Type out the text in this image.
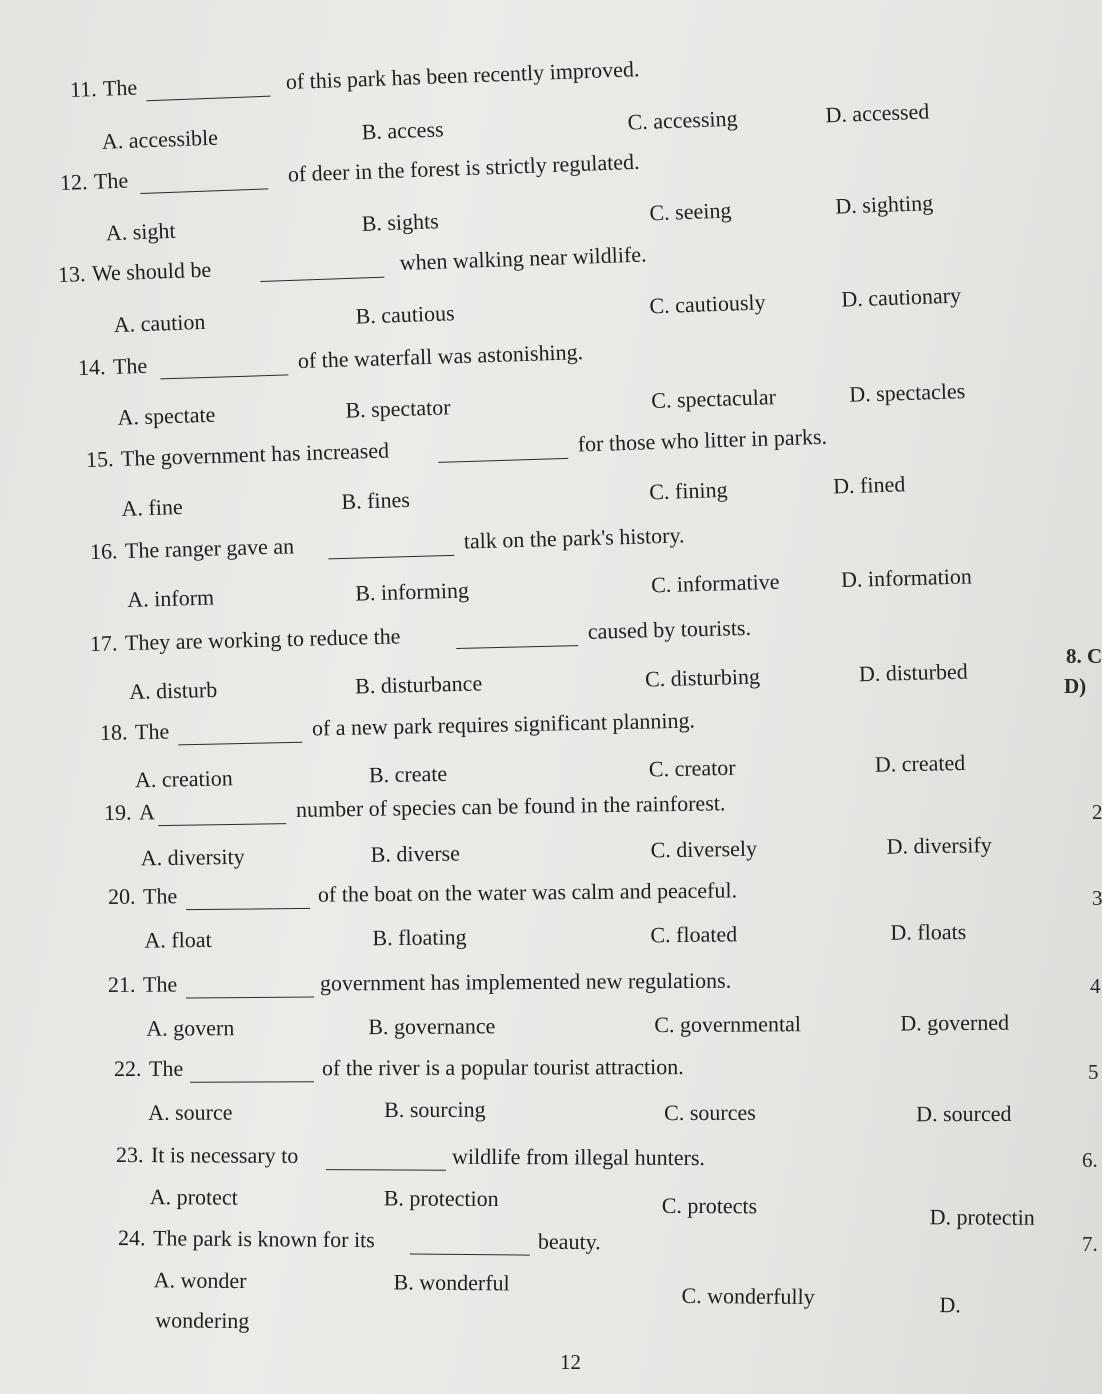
11. The	of this park has been recently improved.
A. accessible	B. access	C. accessing	D. accessed
12. The	of deer in the forest is strictly regulated.
A. sight	B. sights	C. seeing	D. sighting
13. We should be	when walking near wildlife.
A. caution	B. cautious	C. cautiously	D. cautionary
14. The	of the waterfall was astonishing.
A. spectate	B. spectator	C. spectacular	D. spectacles
15. The government has increased	for those who litter in parks.
A. fine	B. fines	C. fining	D. fined
16. The ranger gave an	talk on the park's history.
A. inform	B. informing	C. informative	D. information
17. They are working to reduce the	caused by tourists.
A. disturb	B. disturbance	C. disturbing	D. disturbed
18. The	of a new park requires significant planning.
A. creation	B. create	C. creator	D. created
19. A	number of species can be found in the rainforest.
A. diversity	B. diverse	C. diversely	D. diversify
20. The	of the boat on the water was calm and peaceful.
A. float	B. floating	C. floated	D. floats
21. The	government has implemented new regulations.
A. govern	B. governance	C. governmental	D. governed
22. The	of the river is a popular tourist attraction.
A. source	B. sourcing	C. sources	D. sourced
23. It is necessary to	wildlife from illegal hunters.
A. protect	B. protection	C. protects	D. protectin
24. The park is known for its	beauty.
A. wonder	B. wonderful
C. wonderfully	D.
wondering
8. C
D)
2
3
4
5
6.
7.
12
